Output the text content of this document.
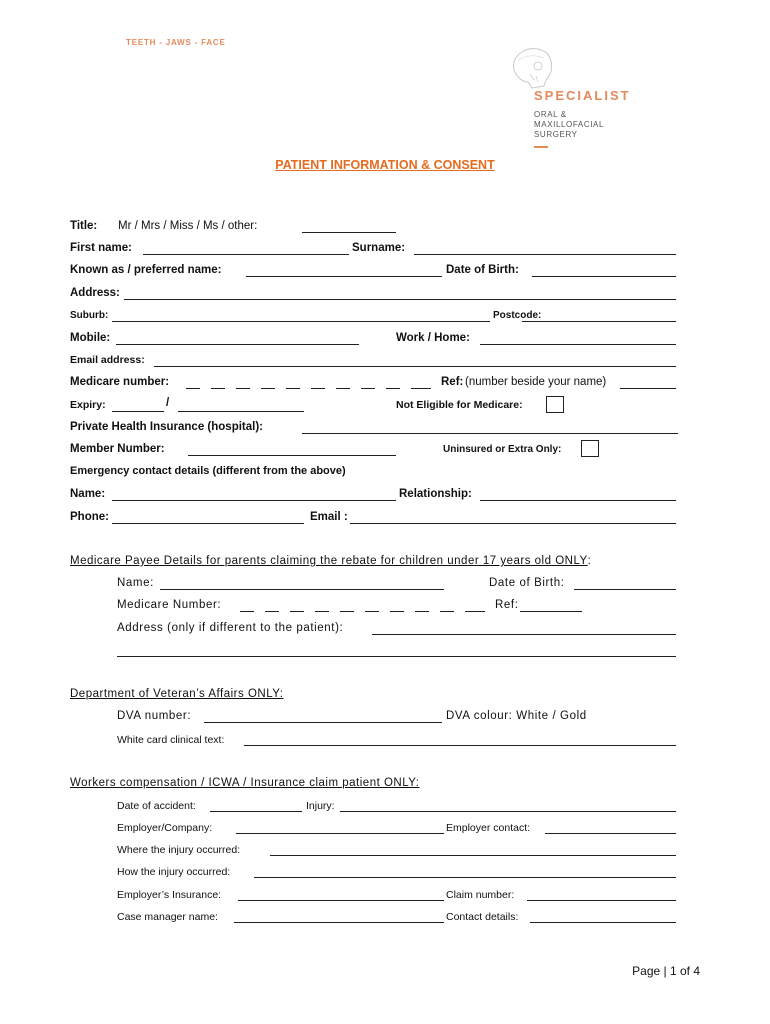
TEETH - JAWS - FACE
SPECIALIST
ORAL &
MAXILLOFACIAL
SURGERY
PATIENT INFORMATION & CONSENT
Title: Mr / Mrs / Miss / Ms / other:
First name:	Surname:
Known as / preferred name:	Date of Birth:
Address:
Suburb:	Postcode:
Mobile:	Work / Home:
Email address:
Medicare number:	Ref: (number beside your name)
Expiry:	/	Not Eligible for Medicare:
Private Health Insurance (hospital):
Member Number:	Uninsured or Extra Only:
Emergency contact details (different from the above)
Name:	Relationship:
Phone:	Email :
Medicare Payee Details for parents claiming the rebate for children under 17 years old ONLY:
Name:	Date of Birth:
Medicare Number:	Ref:
Address (only if different to the patient):
Department of Veteran’s Affairs ONLY:
DVA number:	DVA colour: White / Gold
White card clinical text:
Workers compensation / ICWA / Insurance claim patient ONLY:
Date of accident:	Injury:
Employer/Company:	Employer contact:
Where the injury occurred:
How the injury occurred:
Employer’s Insurance:	Claim number:
Case manager name:	Contact details:
Page | 1 of 4
